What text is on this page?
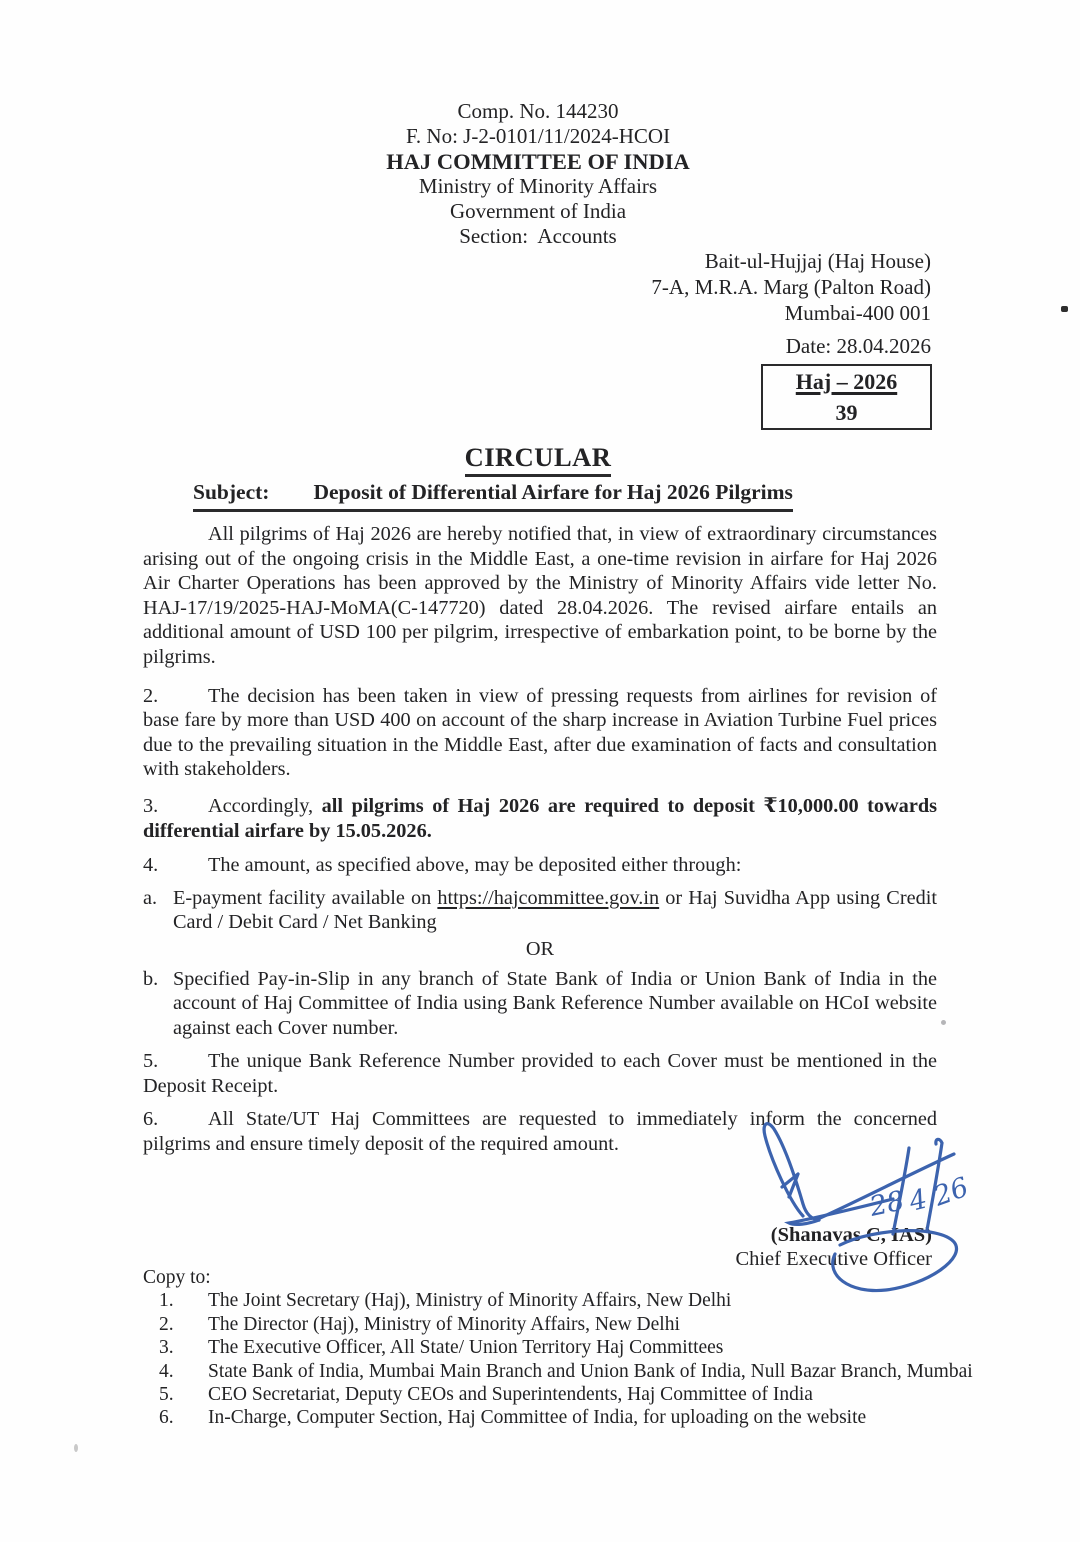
Comp. No. 144230
F. No: J-2-0101/11/2024-HCOI
HAJ COMMITTEE OF INDIA
Ministry of Minority Affairs
Government of India
Section:  Accounts
Bait-ul-Hujjaj (Haj House)
7-A, M.R.A. Marg (Palton Road)
Mumbai-400 001
Date: 28.04.2026
Haj – 2026
39
CIRCULAR
Subject: Deposit of Differential Airfare for Haj 2026 Pilgrims

All pilgrims of Haj 2026 are hereby notified that, in view of extraordinary circumstances arising out of the ongoing crisis in the Middle East, a one-time revision in airfare for Haj 2026 Air Charter Operations has been approved by the Ministry of Minority Affairs vide letter No. HAJ-17/19/2025-HAJ-MoMA(C-147720) dated 28.04.2026. The revised airfare entails an additional amount of USD 100 per pilgrim, irrespective of embarkation point, to be borne by the pilgrims.

2. The decision has been taken in view of pressing requests from airlines for revision of base fare by more than USD 400 on account of the sharp increase in Aviation Turbine Fuel prices due to the prevailing situation in the Middle East, after due examination of facts and consultation with stakeholders.

3. Accordingly, all pilgrims of Haj 2026 are required to deposit ₹10,000.00 towards differential airfare by 15.05.2026.

4. The amount, as specified above, may be deposited either through:

a. E-payment facility available on https://hajcommittee.gov.in or Haj Suvidha App using Credit Card / Debit Card / Net Banking

OR

b. Specified Pay-in-Slip in any branch of State Bank of India or Union Bank of India in the account of Haj Committee of India using Bank Reference Number available on HCoI website against each Cover number.

5. The unique Bank Reference Number provided to each Cover must be mentioned in the Deposit Receipt.

6. All State/UT Haj Committees are requested to immediately inform the concerned pilgrims and ensure timely deposit of the required amount.

(Shanavas C, IAS)
Chief Executive Officer
28 4 26
Copy to:
1. The Joint Secretary (Haj), Ministry of Minority Affairs, New Delhi
2. The Director (Haj), Ministry of Minority Affairs, New Delhi
3. The Executive Officer, All State/ Union Territory Haj Committees
4. State Bank of India, Mumbai Main Branch and Union Bank of India, Null Bazar Branch, Mumbai
5. CEO Secretariat, Deputy CEOs and Superintendents, Haj Committee of India
6. In-Charge, Computer Section, Haj Committee of India, for uploading on the website
